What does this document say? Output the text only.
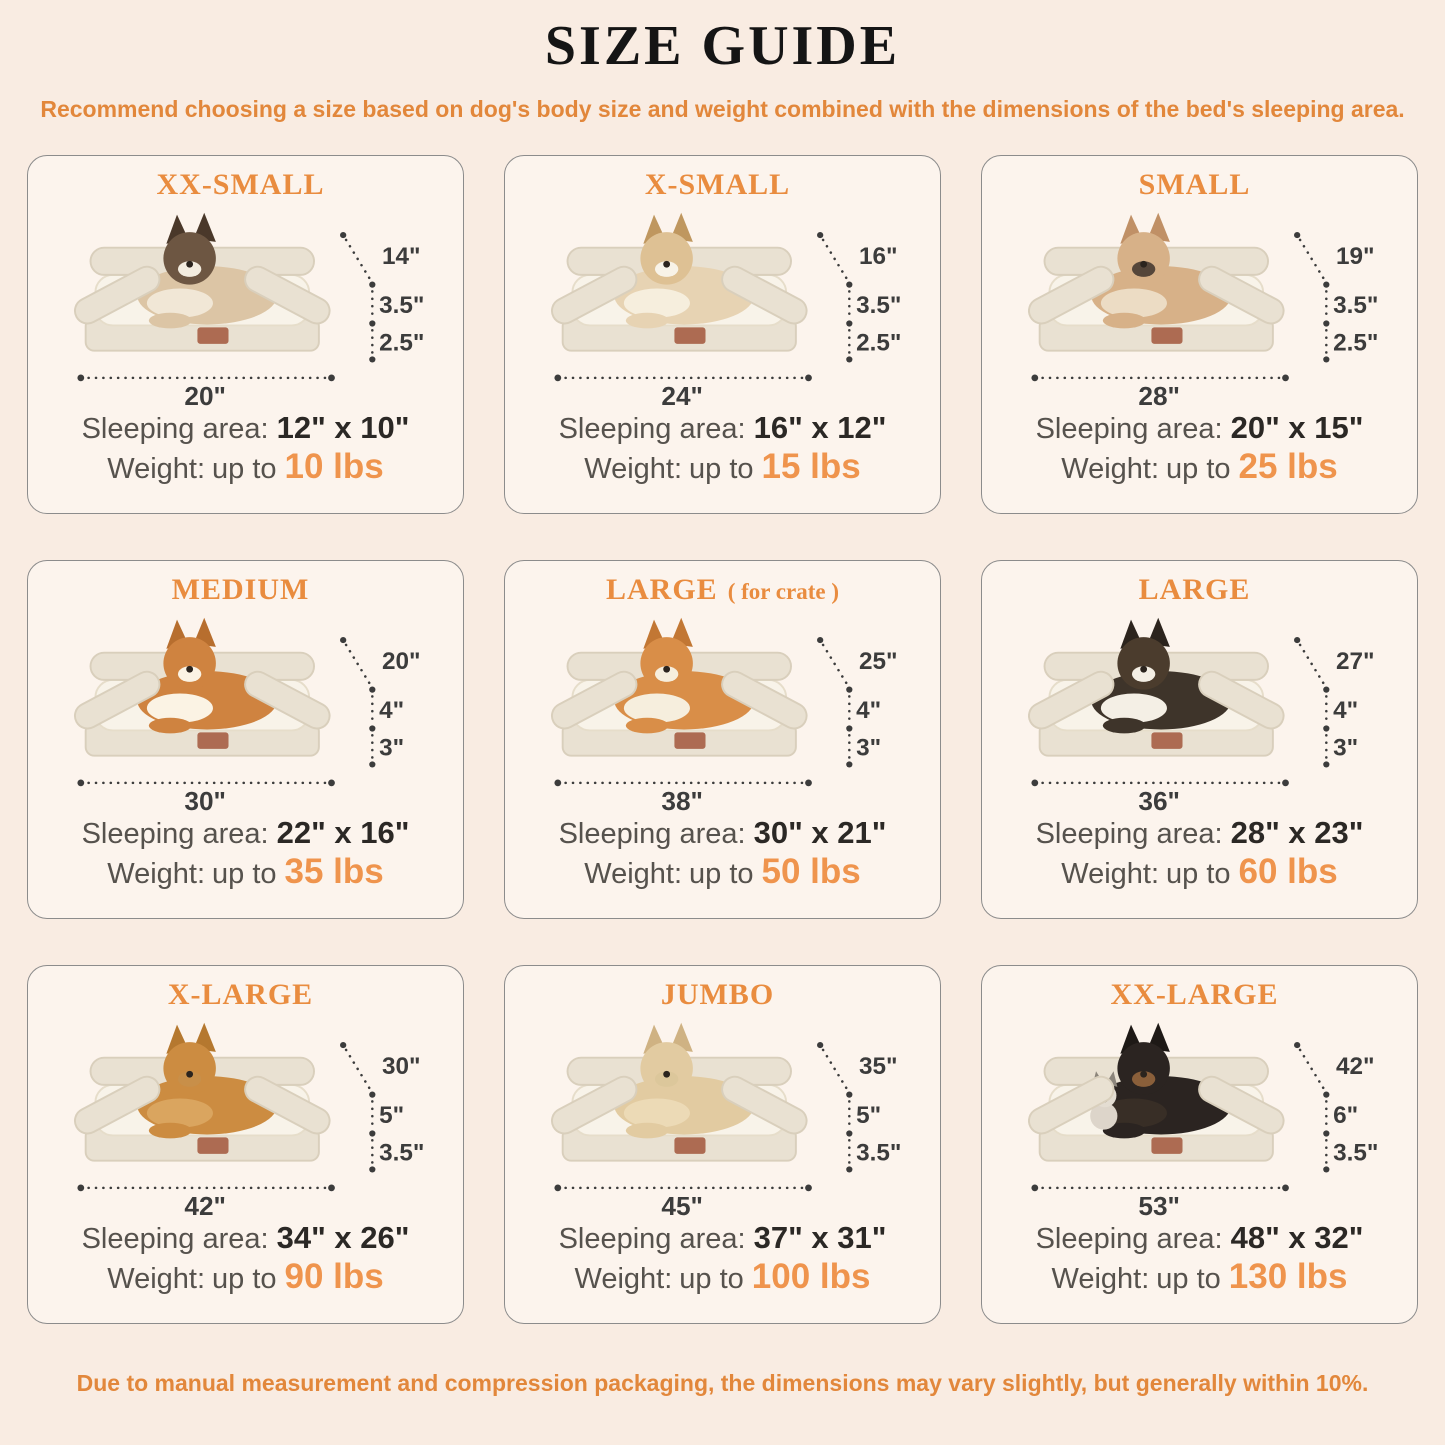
SIZE GUIDE

Recommend choosing a size based on dog's body size and weight combined with the dimensions of the bed's sleeping area.

XX-SMALL
14"
3.5"
2.5"
20"

Sleeping area: 12" x 10"

Weight: up to 10 lbs

X-SMALL
16"
3.5"
2.5"
24"

Sleeping area: 16" x 12"

Weight: up to 15 lbs

SMALL
19"
3.5"
2.5"
28"

Sleeping area: 20" x 15"

Weight: up to 25 lbs

MEDIUM
20"
4"
3"
30"

Sleeping area: 22" x 16"

Weight: up to 35 lbs

LARGE ( for crate )
25"
4"
3"
38"

Sleeping area: 30" x 21"

Weight: up to 50 lbs

LARGE
27"
4"
3"
36"

Sleeping area: 28" x 23"

Weight: up to 60 lbs

X-LARGE
30"
5"
3.5"
42"

Sleeping area: 34" x 26"

Weight: up to 90 lbs

JUMBO
35"
5"
3.5"
45"

Sleeping area: 37" x 31"

Weight: up to 100 lbs

XX-LARGE
42"
6"
3.5"
53"

Sleeping area: 48" x 32"

Weight: up to 130 lbs

Due to manual measurement and compression packaging, the dimensions may vary slightly, but generally within 10%.
